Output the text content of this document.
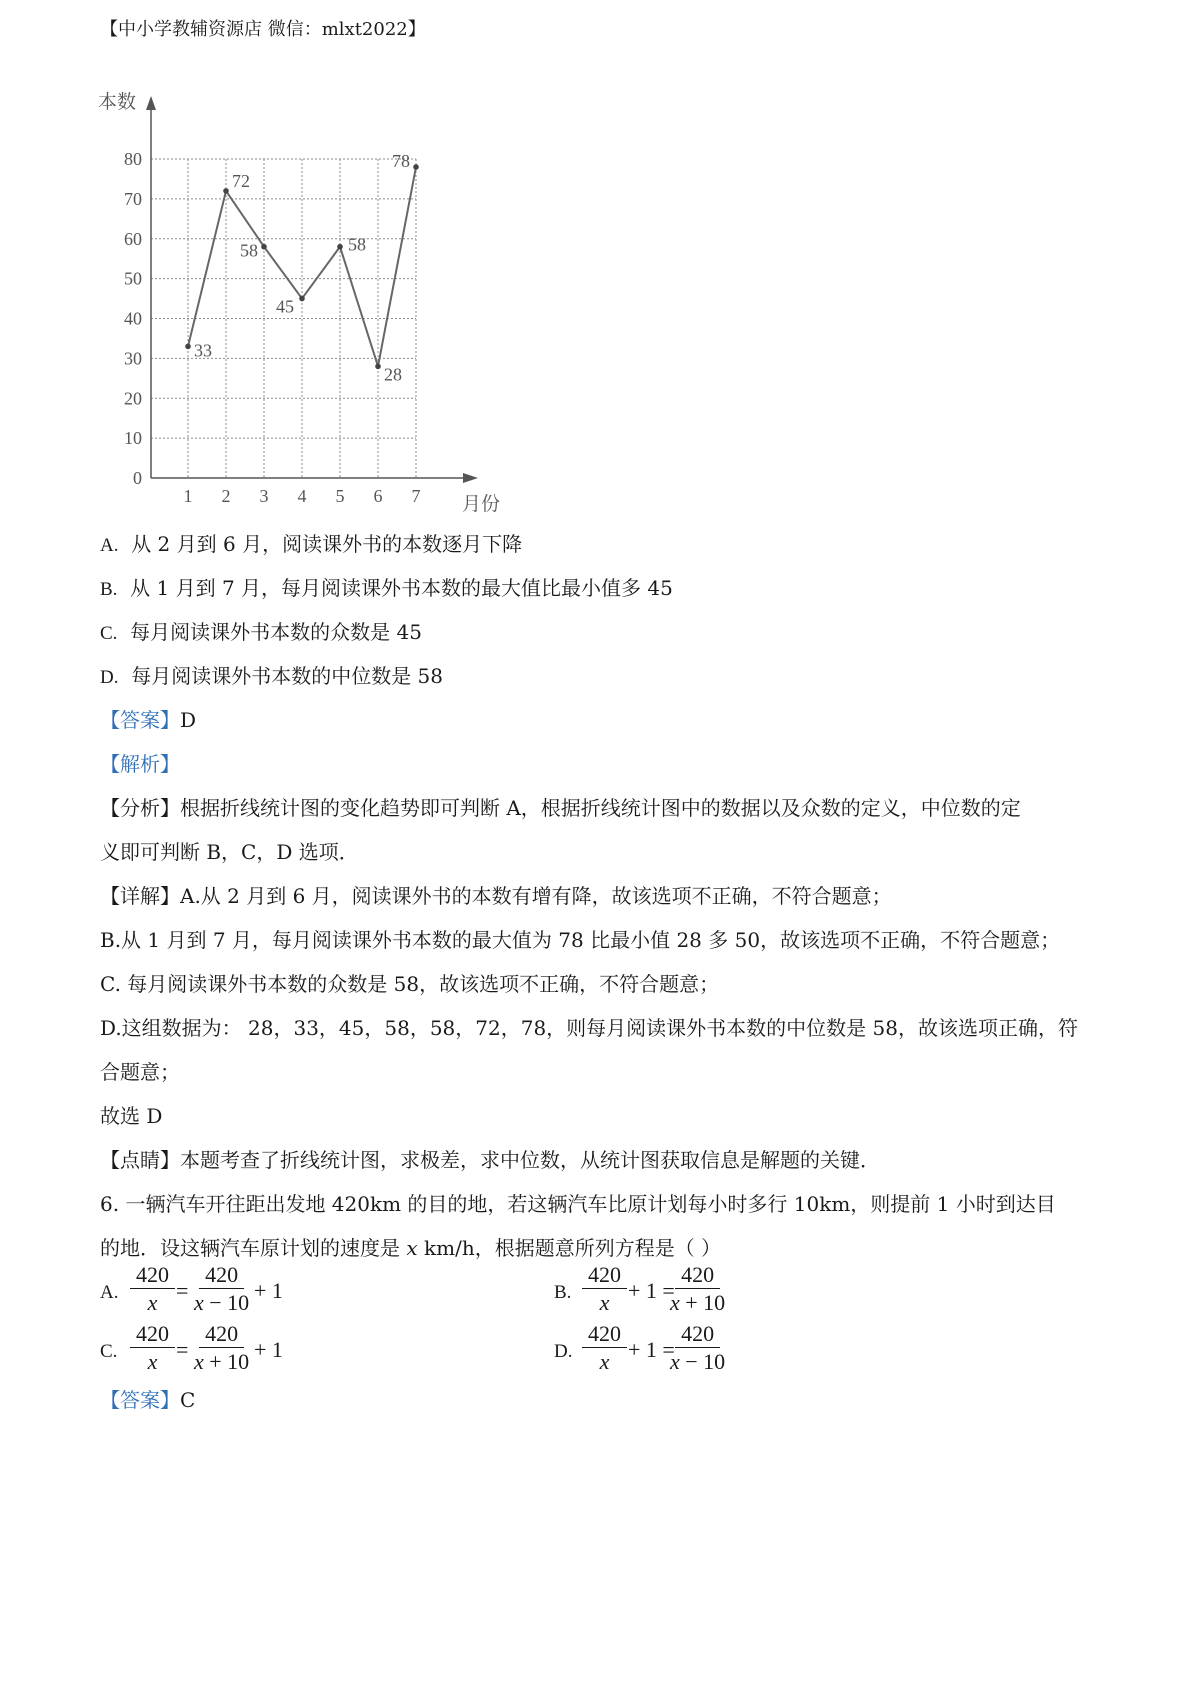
【中小学教辅资源店 微信：mlxt2022】
本数
月份
0
10
20
30
40
50
60
70
80
1 2 3 4 5 6 7
33
72
58
45
58
28
78
A. 从 2 月到 6 月，阅读课外书的本数逐月下降
B. 从 1 月到 7 月，每月阅读课外书本数的最大值比最小值多 45
C. 每月阅读课外书本数的众数是 45
D. 每月阅读课外书本数的中位数是 58
【答案】D
【解析】
【分析】根据折线统计图的变化趋势即可判断 A，根据折线统计图中的数据以及众数的定义，中位数的定
义即可判断 B，C，D 选项．
【详解】A.从 2 月到 6 月，阅读课外书的本数有增有降，故该选项不正确，不符合题意；
B.从 1 月到 7 月，每月阅读课外书本数的最大值为 78 比最小值 28 多 50，故该选项不正确，不符合题意；
C. 每月阅读课外书本数的众数是 58，故该选项不正确，不符合题意；
D.这组数据为： 28，33，45，58，58，72，78，则每月阅读课外书本数的中位数是 58，故该选项正确，符
合题意；
故选 D
【点睛】本题考查了折线统计图，求极差，求中位数，从统计图获取信息是解题的关键．
6. 一辆汽车开往距出发地 420km 的目的地，若这辆汽车比原计划每小时多行 10km，则提前 1 小时到达目
的地．设这辆汽车原计划的速度是 x km/h，根据题意所列方程是（ ）
A. $\frac{420}{x} = \frac{420}{x - 10} + 1$	B. $\frac{420}{x} + 1$ =
$\frac{420}{x + 10}$
C. $\frac{420}{x} = \frac{420}{x + 10} + 1$	D. $\frac{420}{x} + 1$ =
$\frac{420}{x - 10}$
【答案】C
